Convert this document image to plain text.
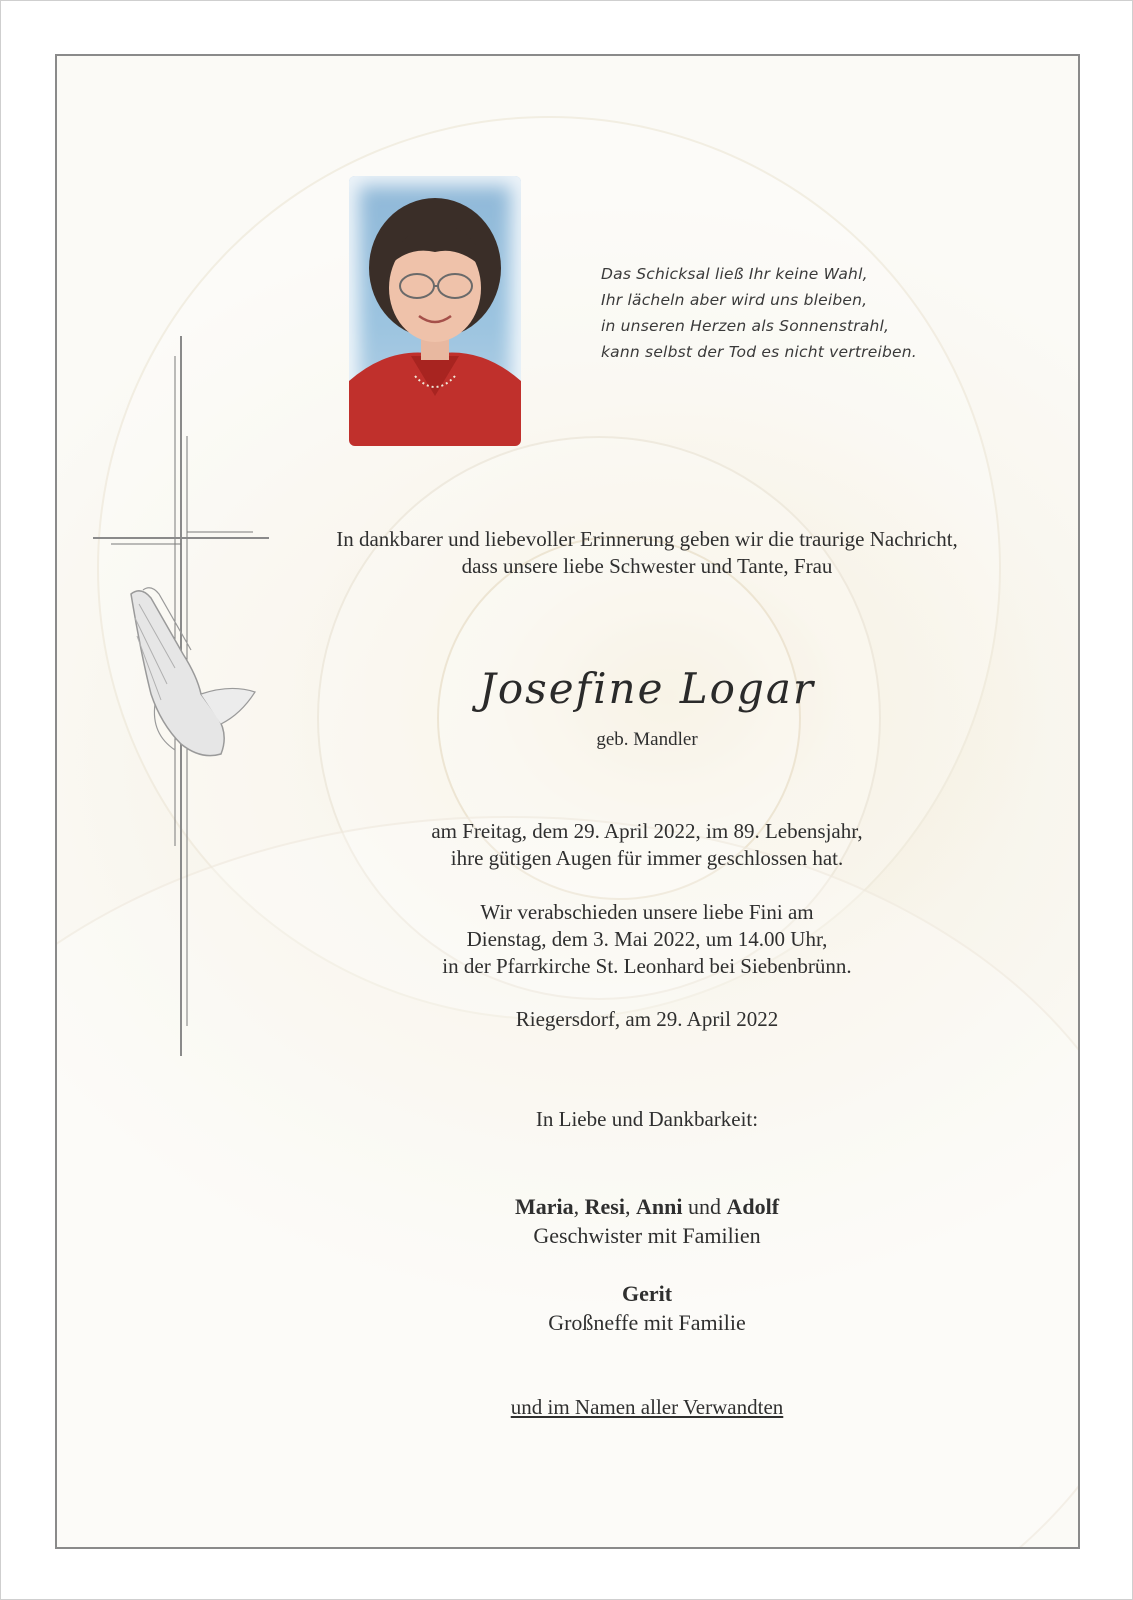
Das Schicksal ließ Ihr keine Wahl,
Ihr lächeln aber wird uns bleiben,
in unseren Herzen als Sonnenstrahl,
kann selbst der Tod es nicht vertreiben.
In dankbarer und liebevoller Erinnerung geben wir die traurige Nachricht,
dass unsere liebe Schwester und Tante, Frau
Josefine Logar
geb. Mandler
am Freitag, dem 29. April 2022, im 89. Lebensjahr,
ihre gütigen Augen für immer geschlossen hat.
Wir verabschieden unsere liebe Fini am
Dienstag, dem 3. Mai 2022, um 14.00 Uhr,
in der Pfarrkirche St. Leonhard bei Siebenbrünn.
Riegersdorf, am 29. April 2022
In Liebe und Dankbarkeit:
Maria, Resi, Anni und Adolf
Geschwister mit Familien
Gerit
Großneffe mit Familie
und im Namen aller Verwandten
